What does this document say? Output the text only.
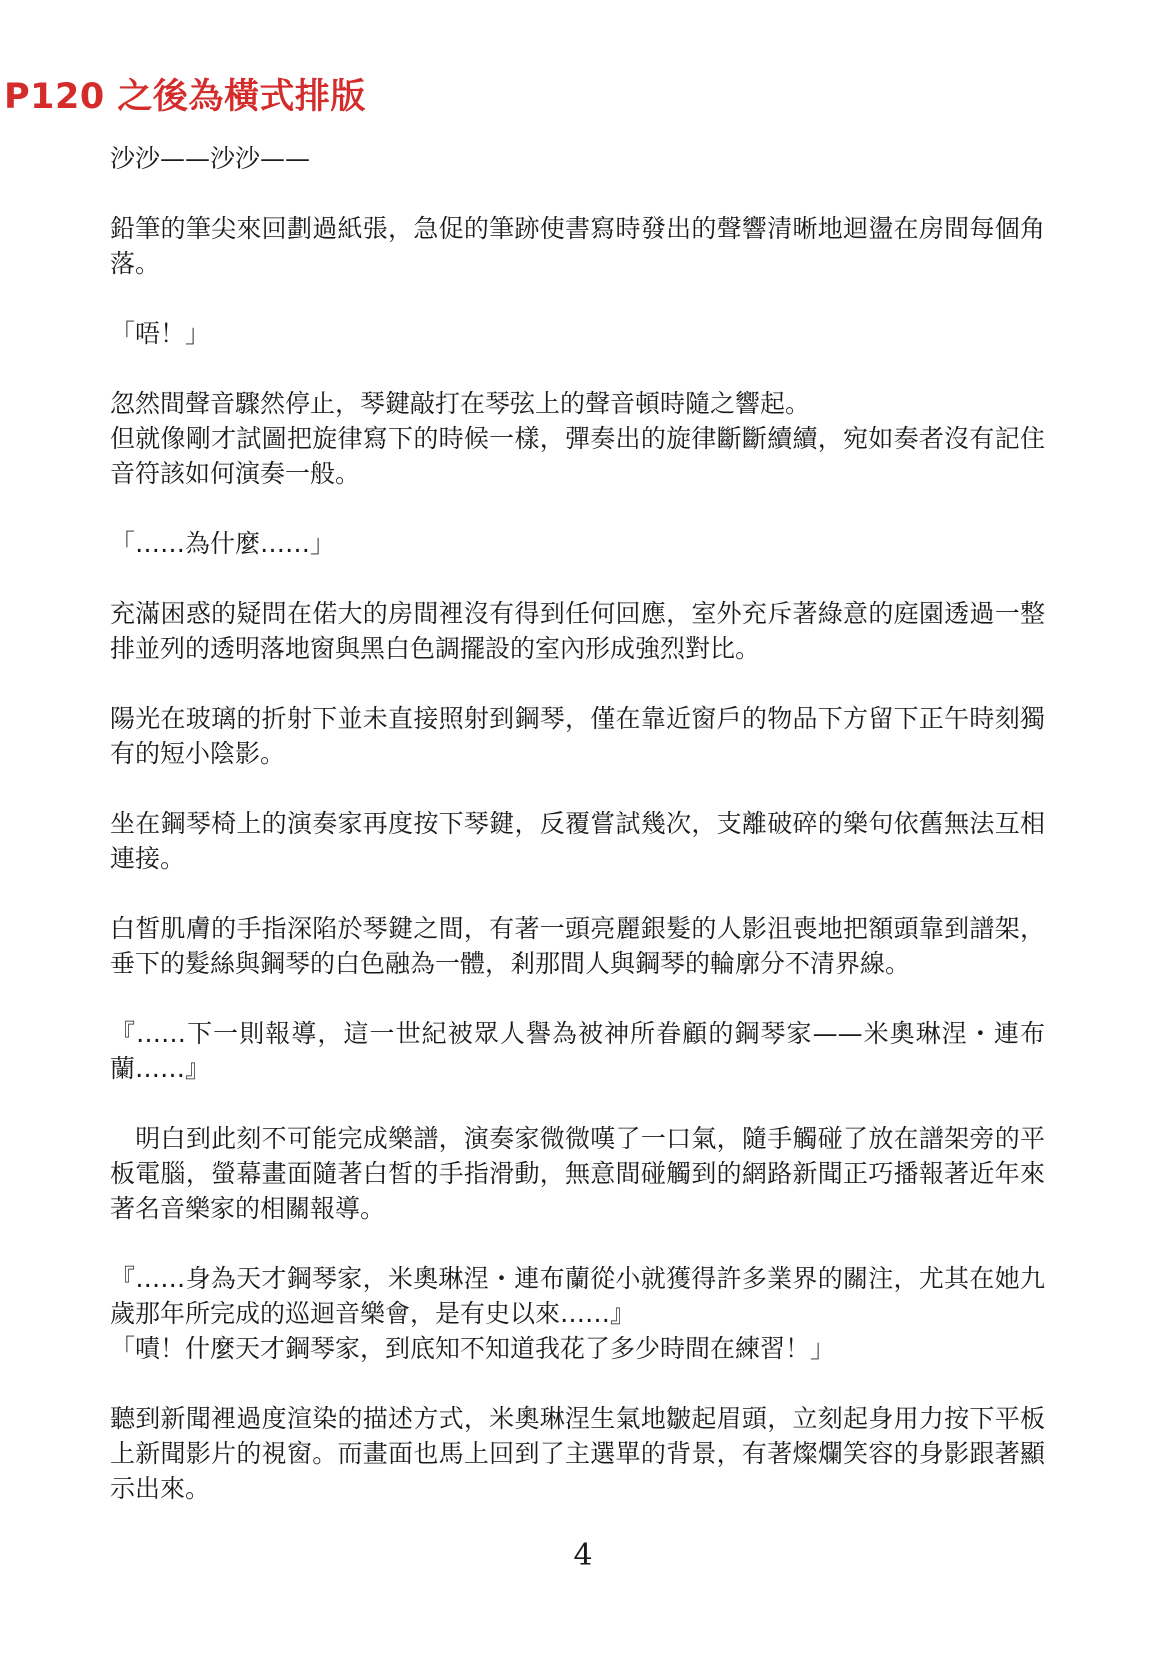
P120 之後為橫式排版

沙沙——沙沙——

鉛筆的筆尖來回劃過紙張，急促的筆跡使書寫時發出的聲響清晰地迴盪在房間每個角落。

「唔！」

忽然間聲音驟然停止，琴鍵敲打在琴弦上的聲音頓時隨之響起。

但就像剛才試圖把旋律寫下的時候一樣，彈奏出的旋律斷斷續續，宛如奏者沒有記住音符該如何演奏一般。

「……為什麼……」

充滿困惑的疑問在偌大的房間裡沒有得到任何回應，室外充斥著綠意的庭園透過一整排並列的透明落地窗與黑白色調擺設的室內形成強烈對比。

陽光在玻璃的折射下並未直接照射到鋼琴，僅在靠近窗戶的物品下方留下正午時刻獨有的短小陰影。

坐在鋼琴椅上的演奏家再度按下琴鍵，反覆嘗試幾次，支離破碎的樂句依舊無法互相連接。

白皙肌膚的手指深陷於琴鍵之間，有著一頭亮麗銀髮的人影沮喪地把額頭靠到譜架，垂下的髮絲與鋼琴的白色融為一體，剎那間人與鋼琴的輪廓分不清界線。

『……下一則報導，這一世紀被眾人譽為被神所眷顧的鋼琴家——米奧琳涅・連布蘭……』

　明白到此刻不可能完成樂譜，演奏家微微嘆了一口氣，隨手觸碰了放在譜架旁的平板電腦，螢幕畫面隨著白皙的手指滑動，無意間碰觸到的網路新聞正巧播報著近年來著名音樂家的相關報導。

『……身為天才鋼琴家，米奧琳涅・連布蘭從小就獲得許多業界的關注，尤其在她九歲那年所完成的巡迴音樂會，是有史以來……』

「嘖！什麼天才鋼琴家，到底知不知道我花了多少時間在練習！」

聽到新聞裡過度渲染的描述方式，米奧琳涅生氣地皺起眉頭，立刻起身用力按下平板上新聞影片的視窗。而畫面也馬上回到了主選單的背景，有著燦爛笑容的身影跟著顯示出來。

4
